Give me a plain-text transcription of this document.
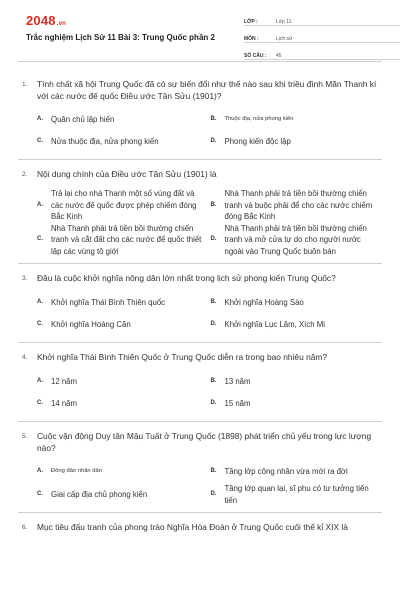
2048.vn
Trắc nghiệm Lịch Sử 11 Bài 3: Trung Quốc phần 2
LỚP :	Lớp 11
MÔN :	Lịch sử
SỐ CÂU :	45
1.	Tính chất xã hội Trung Quốc đã có sự biến đổi như thế nào sau khi triều đình Mãn Thanh kí với các nước đế quốc Điều ước Tân Sửu (1901)?
A.	Quân chủ lập hiến	B.	Thuộc địa, nửa phong kiến
C.	Nửa thuộc địa, nửa phong kiến	D.	Phong kiến độc lập
2.	Nội dung chính của Điều ước Tân Sửu (1901) là
A.
Trả lại cho nhà Thanh một số vùng đất và các nước đế quốc được phép chiếm đóng Bắc Kinh
B.
Nhà Thanh phải trả tiền bồi thường chiến tranh và buộc phải để cho các nước chiếm đóng Bắc Kinh
C.
Nhà Thanh phải trả tiền bồi thường chiến tranh và cắt đất cho các nước đế quốc thiết lập các vùng tô giới
D.
Nhà Thanh phải trả tiền bồi thường chiến tranh và mở cửa tự do cho người nước ngoài vào Trung Quốc buôn bán
3.	Đâu là cuộc khởi nghĩa nông dân lớn nhất trong lịch sử phong kiến Trung Quốc?
A.	Khởi nghĩa Thái Bình Thiên quốc	B.	Khởi nghĩa Hoàng Sào
C.	Khởi nghĩa Hoàng Cân	D.	Khởi nghĩa Lục Lâm, Xích Mi
4.	Khởi nghĩa Thái Bình Thiên Quốc ở Trung Quốc diễn ra trong bao nhiêu năm?
A.	12 năm	B.	13 năm
C.	14 năm	D.	15 năm
5.	Cuộc vận động Duy tân Mậu Tuất ở Trung Quốc (1898) phát triển chủ yếu trong lực lượng nào?
A.	Đông đảo nhân dân	B.	Tầng lớp công nhân vừa mới ra đời
C.	Giai cấp địa chủ phong kiến	D.
Tầng lớp quan lại, sĩ phu có tư tưởng tiến tiến
6.	Mục tiêu đấu tranh của phong trào Nghĩa Hòa Đoàn ở Trung Quốc cuối thế kỉ XIX là
